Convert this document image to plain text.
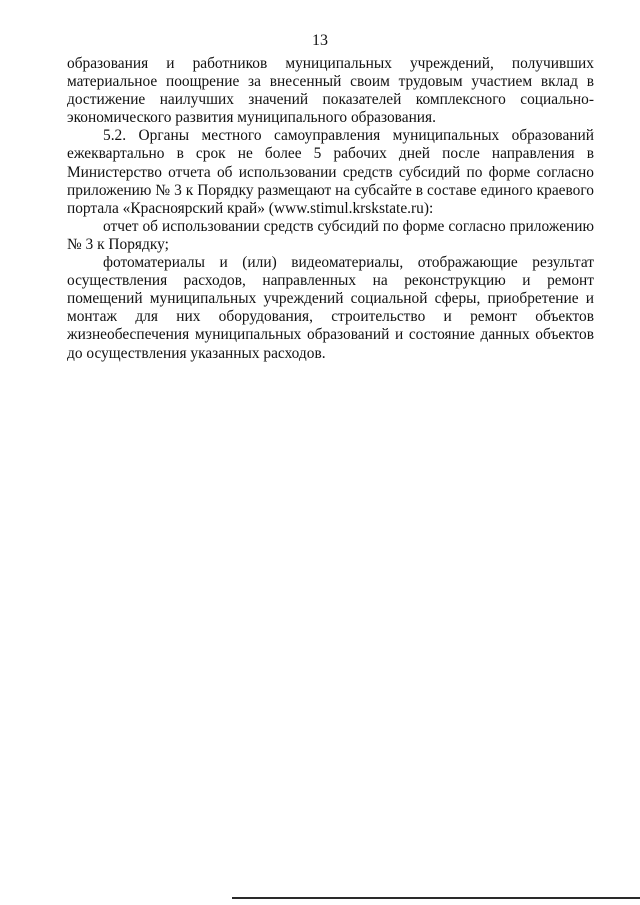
13

образования и работников муниципальных учреждений, получивших материальное поощрение за внесенный своим трудовым участием вклад в достижение наилучших значений показателей комплексного социально-экономического развития муниципального образования.

5.2. Органы местного самоуправления муниципальных образований ежеквартально в срок не более 5 рабочих дней после направления в Министерство отчета об использовании средств субсидий по форме согласно приложению № 3 к Порядку размещают на субсайте в составе единого краевого портала «Красноярский край» (www.stimul.krskstate.ru):

отчет об использовании средств субсидий по форме согласно приложению № 3 к Порядку;

фотоматериалы и (или) видеоматериалы, отображающие результат осуществления расходов, направленных на реконструкцию и ремонт помещений муниципальных учреждений социальной сферы, приобретение и монтаж для них оборудования, строительство и ремонт объектов жизнеобеспечения муниципальных образований и состояние данных объектов до осуществления указанных расходов.
